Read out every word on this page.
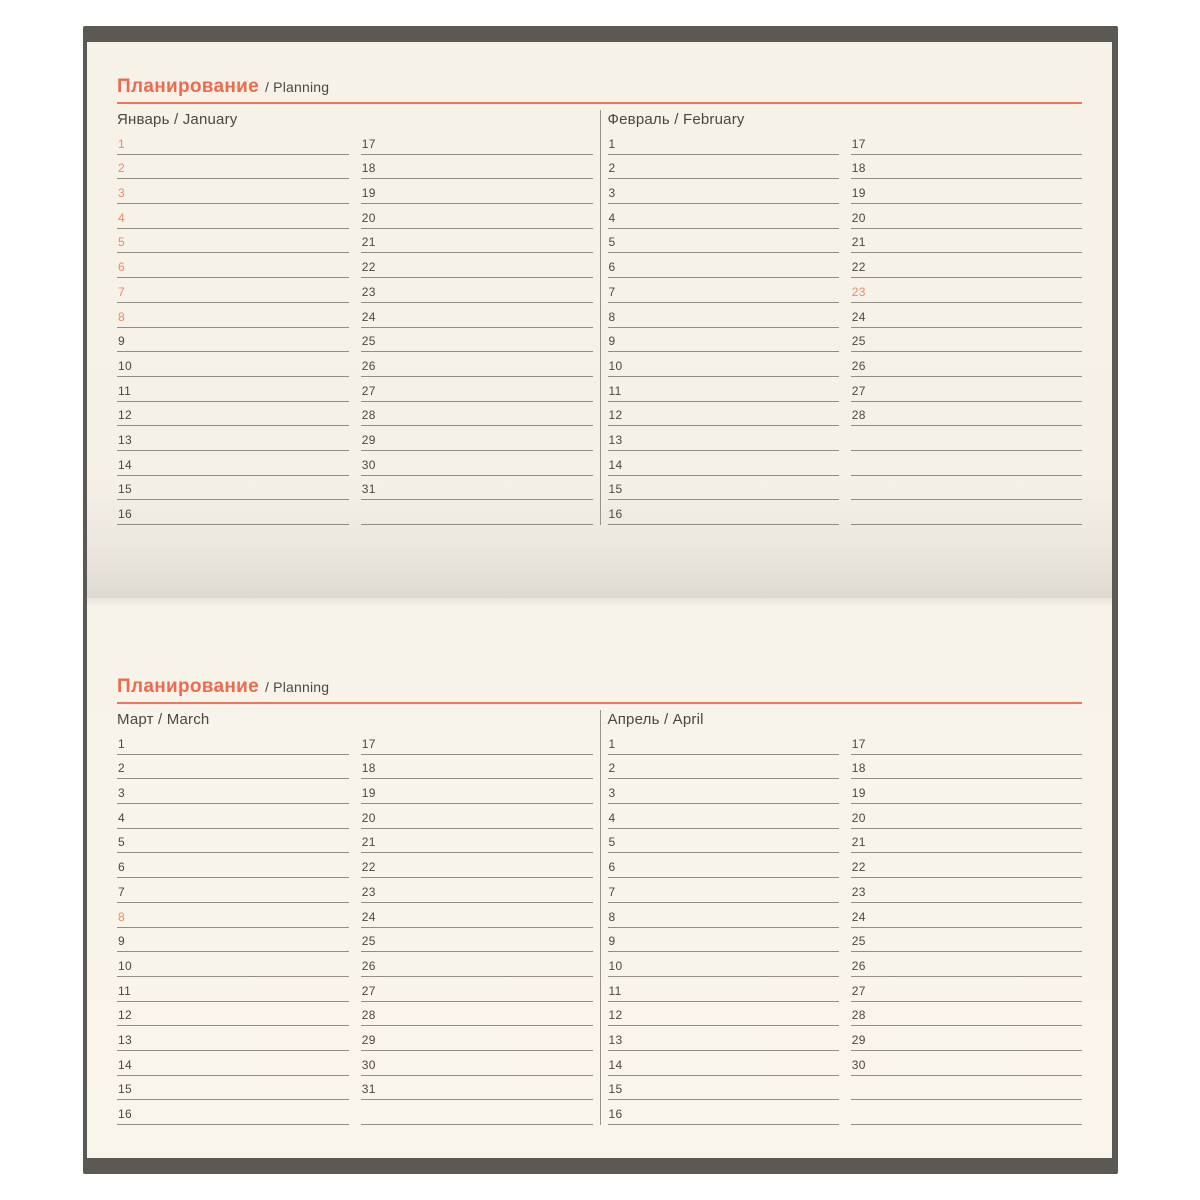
Планирование / Planning
Январь / January
1
2
3
4
5
6
7
8
9
10
11
12
13
14
15
16
17
18
19
20
21
22
23
24
25
26
27
28
29
30
31
Февраль / February
1
2
3
4
5
6
7
8
9
10
11
12
13
14
15
16
17
18
19
20
21
22
23
24
25
26
27
28
Планирование / Planning
Март / March
1
2
3
4
5
6
7
8
9
10
11
12
13
14
15
16
17
18
19
20
21
22
23
24
25
26
27
28
29
30
31
Апрель / April
1
2
3
4
5
6
7
8
9
10
11
12
13
14
15
16
17
18
19
20
21
22
23
24
25
26
27
28
29
30
